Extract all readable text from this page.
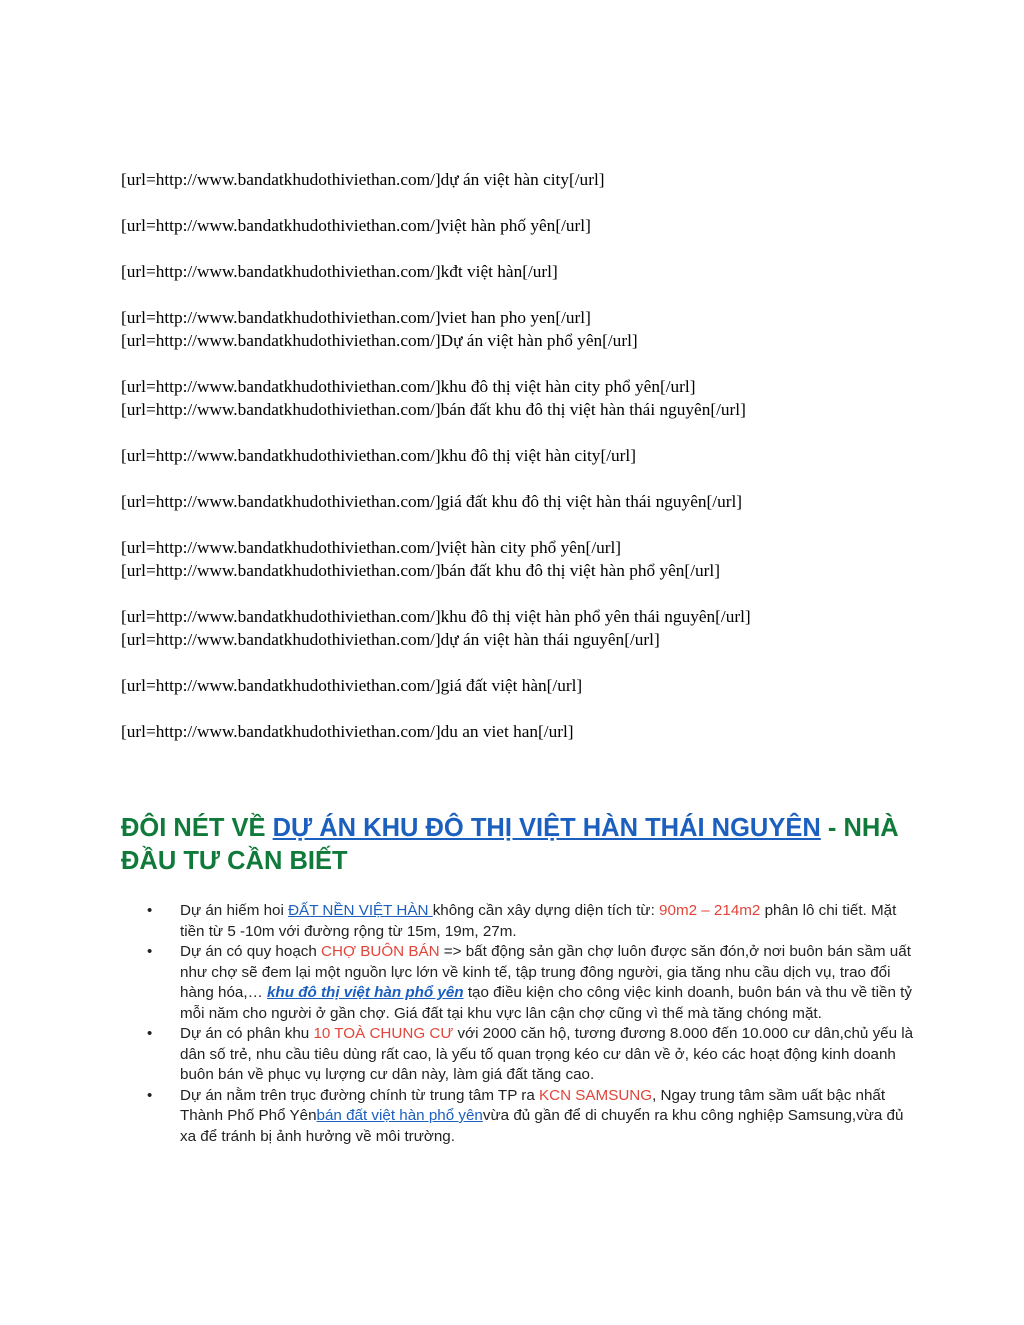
[url=http://www.bandatkhudothiviethan.com/]dự án việt hàn city[/url]
[url=http://www.bandatkhudothiviethan.com/]việt hàn phố yên[/url]
[url=http://www.bandatkhudothiviethan.com/]kđt việt hàn[/url]
[url=http://www.bandatkhudothiviethan.com/]viet han pho yen[/url]
[url=http://www.bandatkhudothiviethan.com/]Dự án việt hàn phổ yên[/url]
[url=http://www.bandatkhudothiviethan.com/]khu đô thị việt hàn city phổ yên[/url]
[url=http://www.bandatkhudothiviethan.com/]bán đất khu đô thị việt hàn thái nguyên[/url]
[url=http://www.bandatkhudothiviethan.com/]khu đô thị việt hàn city[/url]
[url=http://www.bandatkhudothiviethan.com/]giá đất khu đô thị việt hàn thái nguyên[/url]
[url=http://www.bandatkhudothiviethan.com/]việt hàn city phổ yên[/url]
[url=http://www.bandatkhudothiviethan.com/]bán đất khu đô thị việt hàn phổ yên[/url]
[url=http://www.bandatkhudothiviethan.com/]khu đô thị việt hàn phổ yên thái nguyên[/url]
[url=http://www.bandatkhudothiviethan.com/]dự án việt hàn thái nguyên[/url]
[url=http://www.bandatkhudothiviethan.com/]giá đất việt hàn[/url]
[url=http://www.bandatkhudothiviethan.com/]du an viet han[/url]
ĐÔI NÉT VỀ DỰ ÁN KHU ĐÔ THỊ VIỆT HÀN THÁI NGUYÊN - NHÀ ĐẦU TƯ CẦN BIẾT
•	Dự án hiếm hoi ĐẤT NỀN VIỆT HÀN không cần xây dựng diện tích từ: 90m2 – 214m2 phân lô chi tiết. Mặt tiền từ 5 -10m với đường rộng từ 15m, 19m, 27m.
•	Dự án có quy hoạch CHỢ BUÔN BÁN => bất động sản gần chợ luôn được săn đón,ở nơi buôn bán sầm uất như chợ sẽ đem lại một nguồn lực lớn về kinh tế, tập trung đông người, gia tăng nhu cầu dịch vụ, trao đổi hàng hóa,… khu đô thị việt hàn phổ yên tạo điều kiện cho công việc kinh doanh, buôn bán và thu về tiền tỷ mỗi năm cho người ở gần chợ. Giá đất tại khu vực lân cận chợ cũng vì thế mà tăng chóng mặt.
•	Dự án có phân khu 10 TOÀ CHUNG CƯ với 2000 căn hộ, tương đương 8.000 đến 10.000 cư dân,chủ yếu là dân số trẻ, nhu cầu tiêu dùng rất cao, là yếu tố quan trọng kéo cư dân về ở, kéo các hoạt động kinh doanh buôn bán về phục vụ lượng cư dân này, làm giá đất tăng cao.
•	Dự án nằm trên trục đường chính từ trung tâm TP ra KCN SAMSUNG, Ngay trung tâm sầm uất bậc nhất Thành Phố Phổ Yênbán đất việt hàn phổ yênvừa đủ gần để di chuyển ra khu công nghiệp Samsung,vừa đủ xa để tránh bị ảnh hưởng về môi trường.
